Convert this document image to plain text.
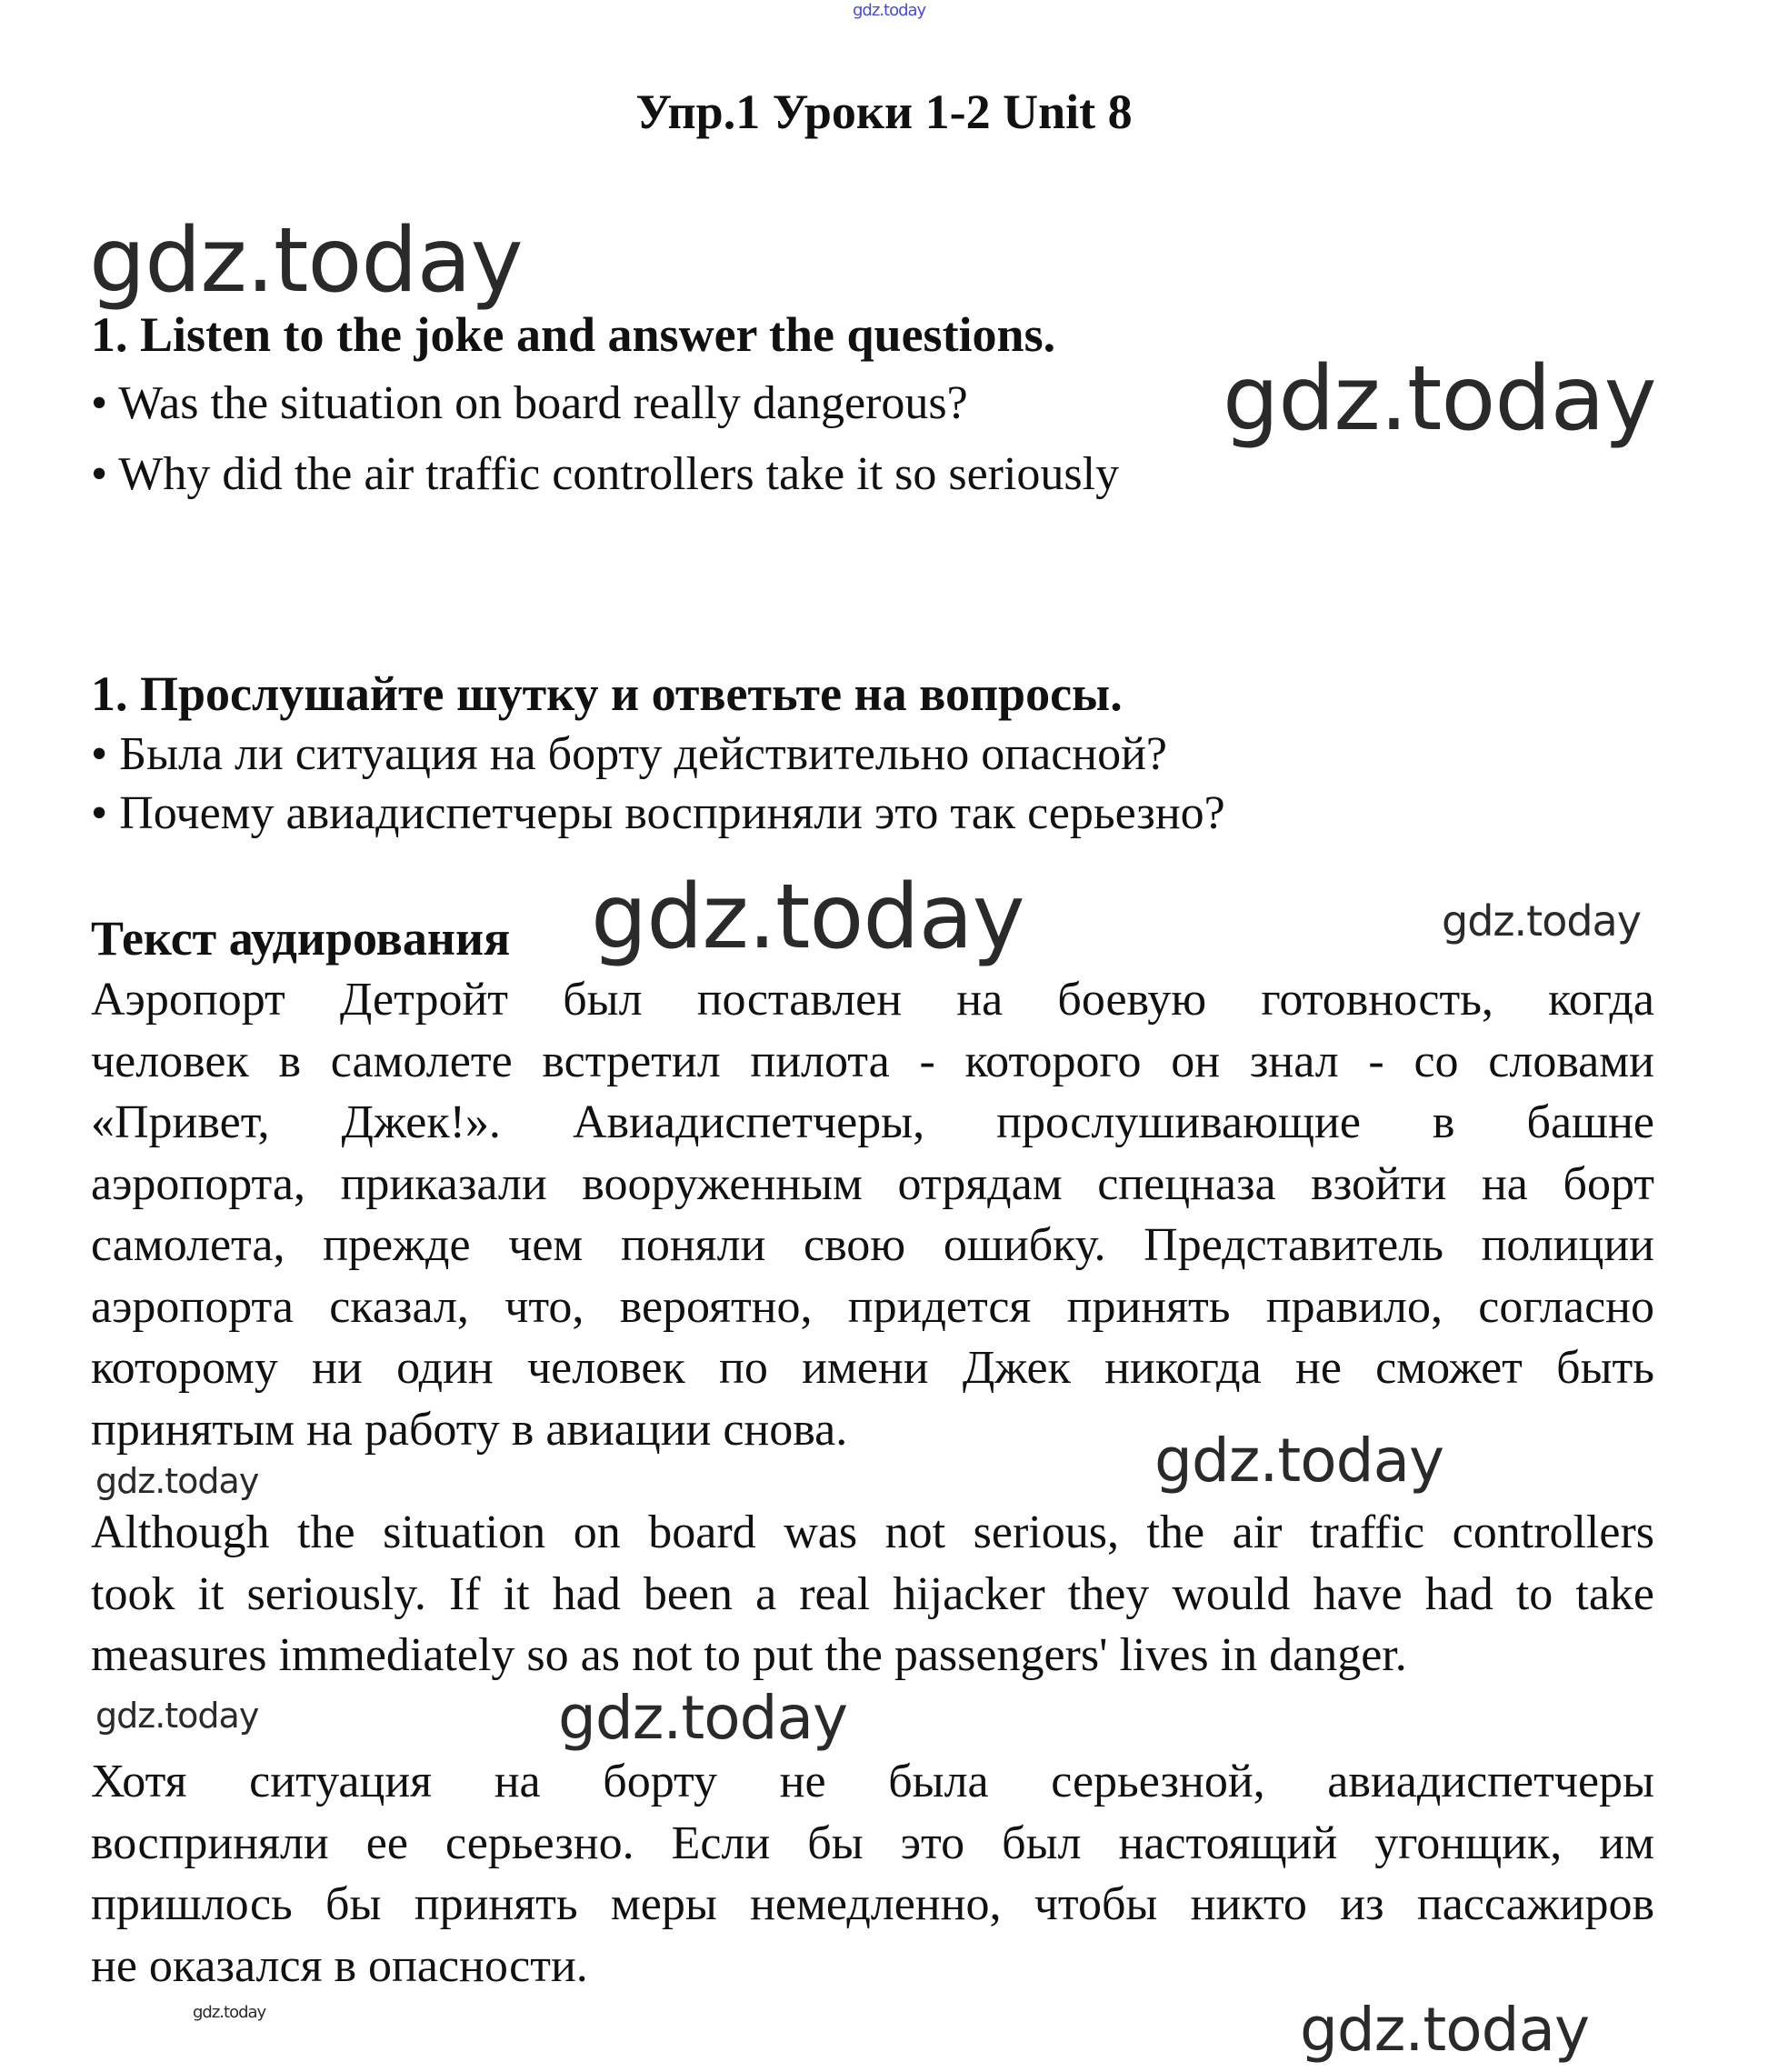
gdz.today
gdz.today
gdz.today
gdz.today	gdz.today
gdz.today
gdz.today
gdz.today	gdz.today
gdz.today	gdz.today
Упр.1 Уроки 1-2 Unit 8
1. Listen to the joke and answer the questions.
• Was the situation on board really dangerous?
• Why did the air traffic controllers take it so seriously
1. Прослушайте шутку и ответьте на вопросы.
• Была ли ситуация на борту действительно опасной?
• Почему авиадиспетчеры восприняли это так серьезно?
Текст аудирования
Аэропорт Детройт был поставлен на боевую готовность, когда
человек в самолете встретил пилота - которого он знал - со словами
«Привет, Джек!». Авиадиспетчеры, прослушивающие в башне
аэропорта, приказали вооруженным отрядам спецназа взойти на борт
самолета, прежде чем поняли свою ошибку. Представитель полиции
аэропорта сказал, что, вероятно, придется принять правило, согласно
которому ни один человек по имени Джек никогда не сможет быть
принятым на работу в авиации снова.
Although the situation on board was not serious, the air traffic controllers
took it seriously. If it had been a real hijacker they would have had to take
measures immediately so as not to put the passengers' lives in danger.
Хотя ситуация на борту не была серьезной, авиадиспетчеры
восприняли ее серьезно. Если бы это был настоящий угонщик, им
пришлось бы принять меры немедленно, чтобы никто из пассажиров
не оказался в опасности.
